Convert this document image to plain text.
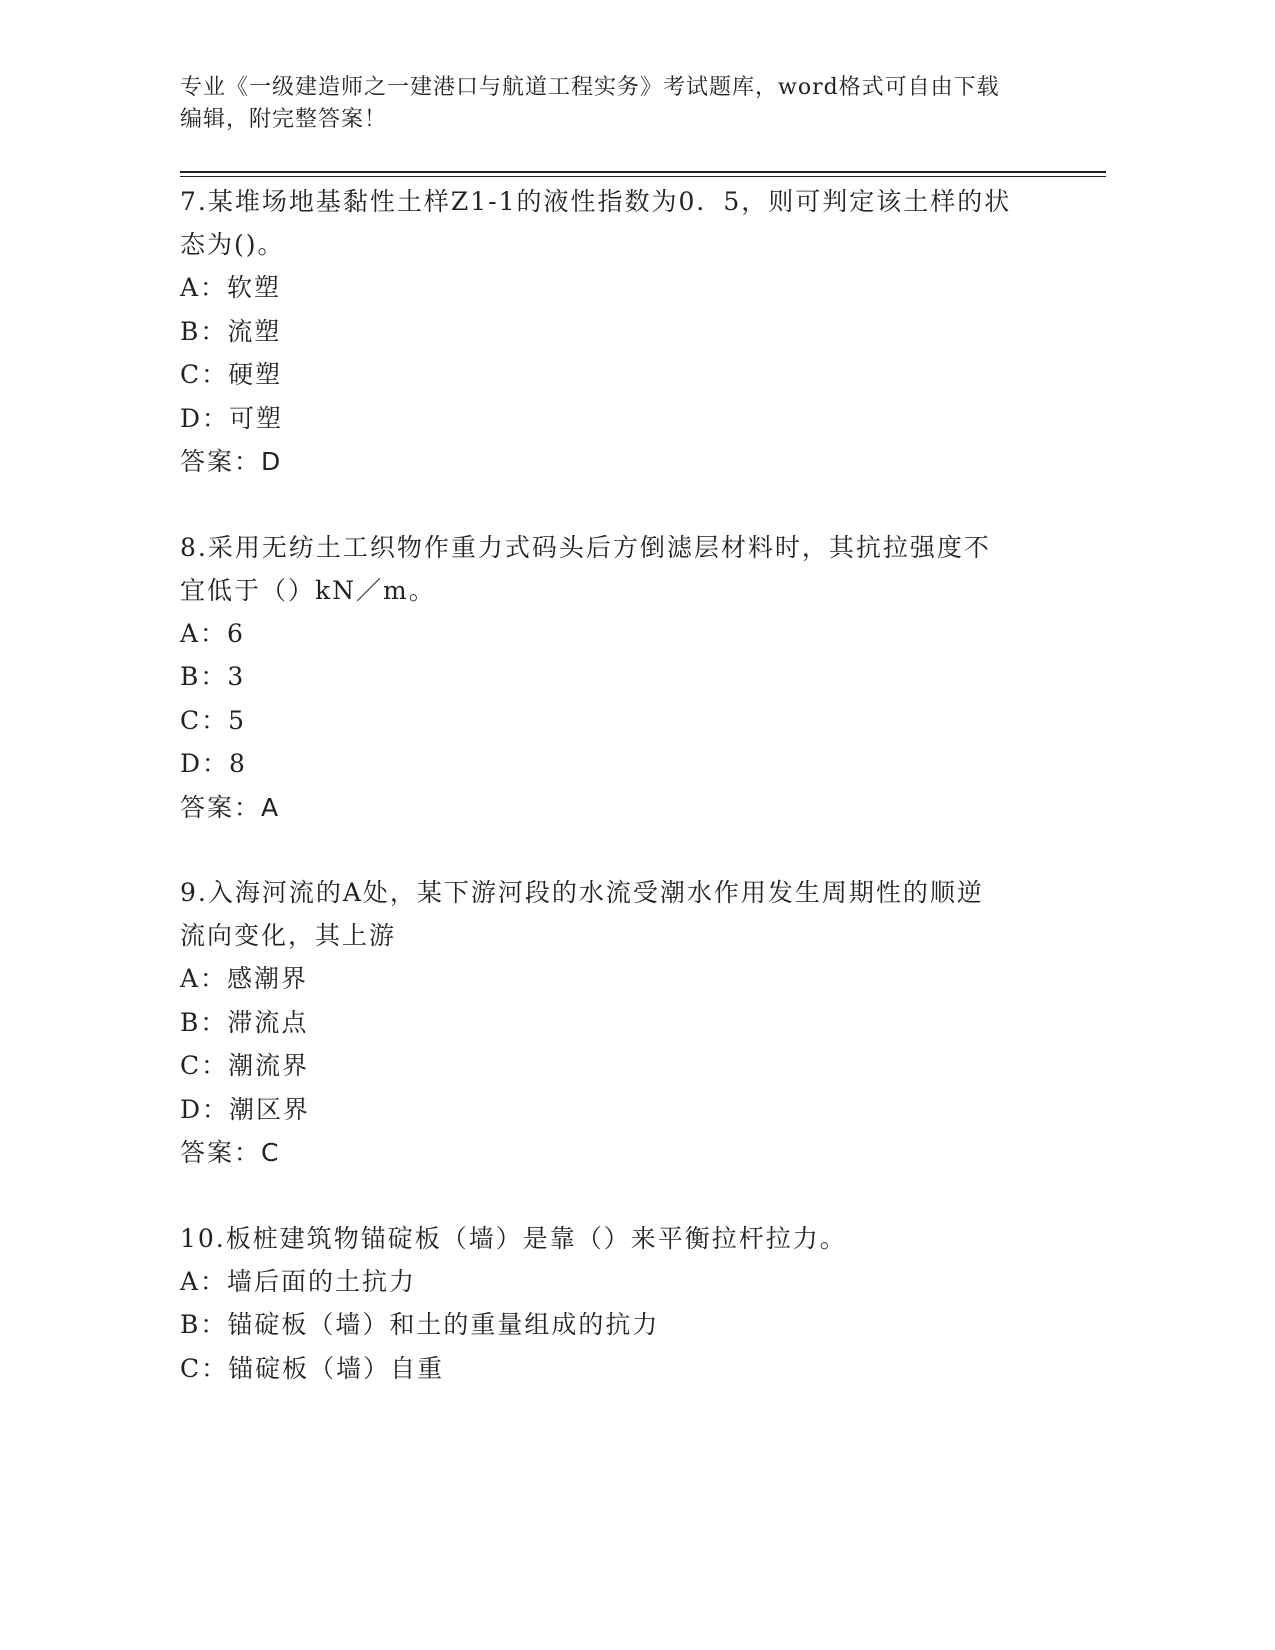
专业《一级建造师之一建港口与航道工程实务》考试题库，word格式可自由下载
编辑，附完整答案！
7.某堆场地基黏性土样Z1-1的液性指数为0．5，则可判定该土样的状
态为()。
A：软塑
B：流塑
C：硬塑
D：可塑
答案：D
8.采用无纺土工织物作重力式码头后方倒滤层材料时，其抗拉强度不
宜低于（）kN／m。
A：6
B：3
C：5
D：8
答案：A
9.入海河流的A处，某下游河段的水流受潮水作用发生周期性的顺逆
流向变化，其上游
A：感潮界
B：滞流点
C：潮流界
D：潮区界
答案：C
10.板桩建筑物锚碇板（墙）是靠（）来平衡拉杆拉力。
A：墙后面的土抗力
B：锚碇板（墙）和土的重量组成的抗力
C：锚碇板（墙）自重
